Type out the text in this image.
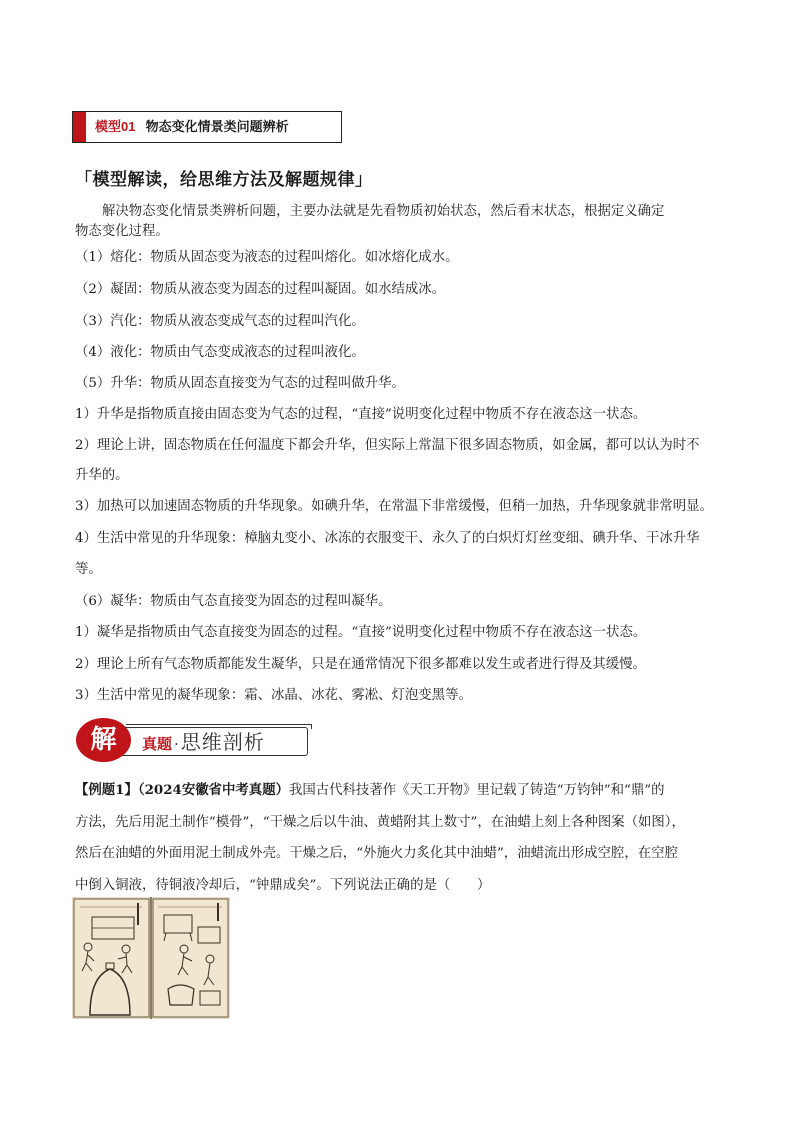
模型01 物态变化情景类问题辨析
「模型解读，给思维方法及解题规律」
解决物态变化情景类辨析问题，主要办法就是先看物质初始状态，然后看末状态，根据定义确定
物态变化过程。
（1）熔化：物质从固态变为液态的过程叫熔化。如冰熔化成水。
（2）凝固：物质从液态变为固态的过程叫凝固。如水结成冰。
（3）汽化：物质从液态变成气态的过程叫汽化。
（4）液化：物质由气态变成液态的过程叫液化。
（5）升华：物质从固态直接变为气态的过程叫做升华。
1）升华是指物质直接由固态变为气态的过程，“直接”说明变化过程中物质不存在液态这一状态。
2）理论上讲，固态物质在任何温度下都会升华，但实际上常温下很多固态物质，如金属，都可以认为时不
升华的。
3）加热可以加速固态物质的升华现象。如碘升华，在常温下非常缓慢，但稍一加热，升华现象就非常明显。
4）生活中常见的升华现象：樟脑丸变小、冰冻的衣服变干、永久了的白炽灯灯丝变细、碘升华、干冰升华
等。
（6）凝华：物质由气态直接变为固态的过程叫凝华。
1）凝华是指物质由气态直接变为固态的过程。“直接”说明变化过程中物质不存在液态这一状态。
2）理论上所有气态物质都能发生凝华，只是在通常情况下很多都难以发生或者进行得及其缓慢。
3）生活中常见的凝华现象：霜、冰晶、冰花、雾凇、灯泡变黑等。
解	真题 · 思维剖析
【例题1】（2024安徽省中考真题）我国古代科技著作《天工开物》里记载了铸造“万钧钟”和“鼎”的
方法，先后用泥土制作“模骨”，“干燥之后以牛油、黄蜡附其上数寸”，在油蜡上刻上各种图案（如图），
然后在油蜡的外面用泥土制成外壳。干燥之后，“外施火力炙化其中油蜡”，油蜡流出形成空腔，在空腔
中倒入铜液，待铜液冷却后，“钟鼎成矣”。下列说法正确的是（　　）
